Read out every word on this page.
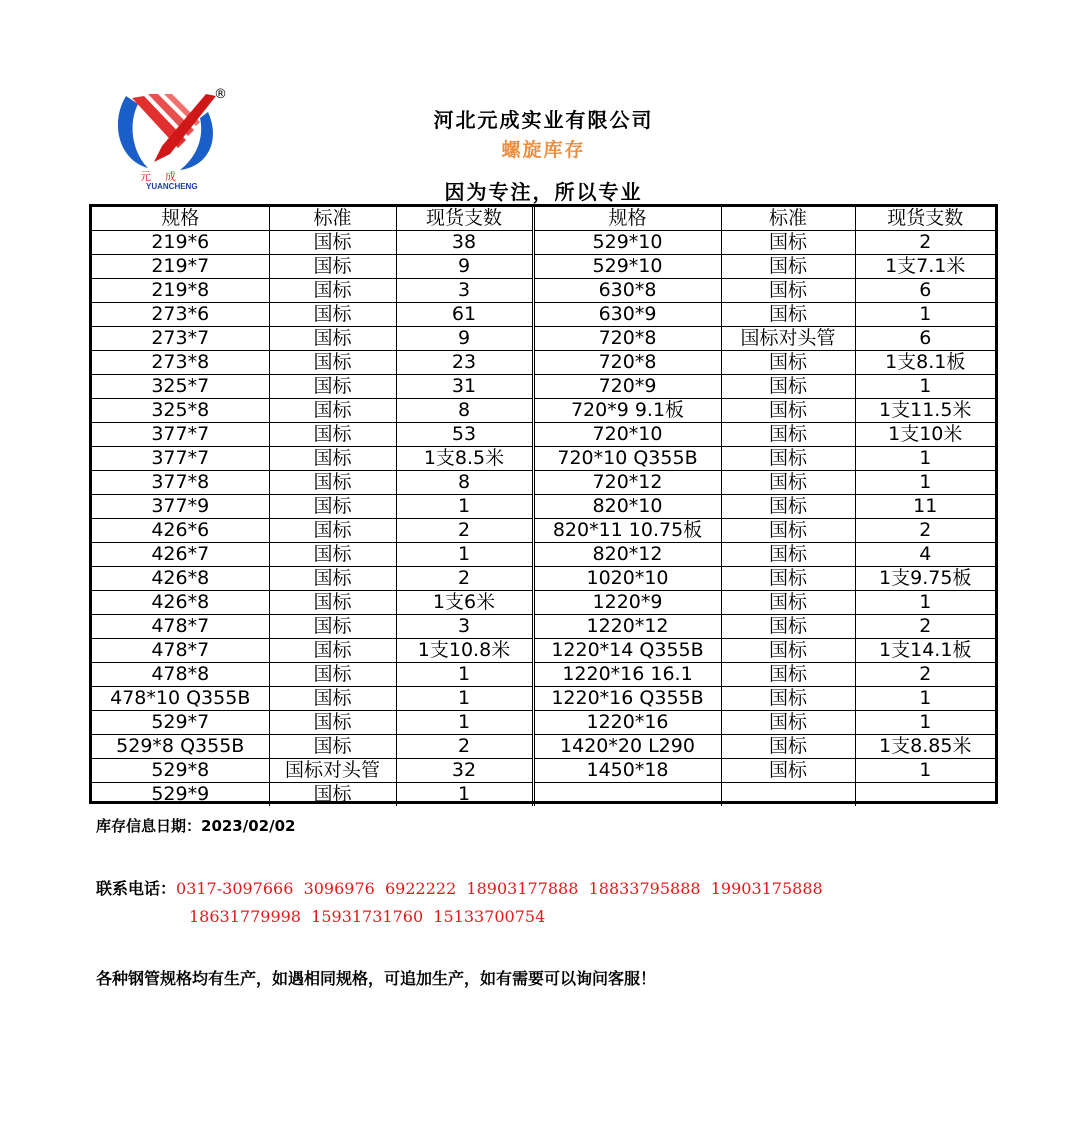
®
元成
YUANCHENG
河北元成实业有限公司
螺旋库存
因为专注，所以专业
规格	标准	现货支数	规格	标准	现货支数
219*6	国标	38	529*10	国标	2
219*7	国标	9	529*10	国标	1支7.1米
219*8	国标	3	630*8	国标	6
273*6	国标	61	630*9	国标	1
273*7	国标	9	720*8	国标对头管	6
273*8	国标	23	720*8	国标	1支8.1板
325*7	国标	31	720*9	国标	1
325*8	国标	8	720*9 9.1板	国标	1支11.5米
377*7	国标	53	720*10	国标	1支10米
377*7	国标	1支8.5米	720*10 Q355B	国标	1
377*8	国标	8	720*12	国标	1
377*9	国标	1	820*10	国标	11
426*6	国标	2	820*11 10.75板	国标	2
426*7	国标	1	820*12	国标	4
426*8	国标	2	1020*10	国标	1支9.75板
426*8	国标	1支6米	1220*9	国标	1
478*7	国标	3	1220*12	国标	2
478*7	国标	1支10.8米	1220*14 Q355B	国标	1支14.1板
478*8	国标	1	1220*16 16.1	国标	2
478*10 Q355B	国标	1	1220*16 Q355B	国标	1
529*7	国标	1	1220*16	国标	1
529*8 Q355B	国标	2	1420*20 L290	国标	1支8.85米
529*8	国标对头管	32	1450*18	国标	1
529*9	国标	1			
库存信息日期：2023/02/02
联系电话：0317-3097666  3096976  6922222  18903177888  18833795888  19903175888
18631779998  15931731760  15133700754
各种钢管规格均有生产，如遇相同规格，可追加生产，如有需要可以询问客服！
